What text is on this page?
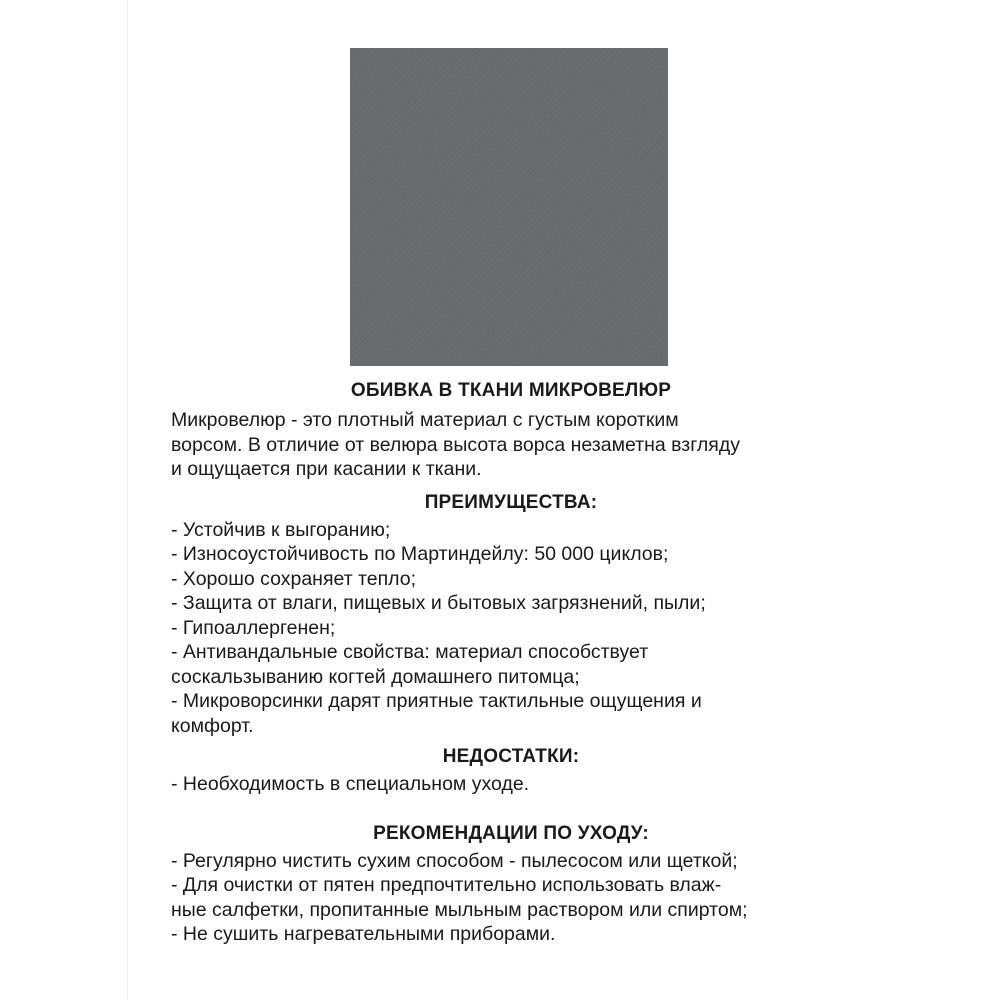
ОБИВКА В ТКАНИ МИКРОВЕЛЮР

Микровелюр - это плотный материал с густым коротким
ворсом. В отличие от велюра высота ворса незаметна взгляду
и ощущается при касании к ткани.

ПРЕИМУЩЕСТВА:
- Устойчив к выгоранию;
- Износоустойчивость по Мартиндейлу: 50 000 циклов;
- Хорошо сохраняет тепло;
- Защита от влаги, пищевых и бытовых загрязнений, пыли;
- Гипоаллергенен;
- Антивандальные свойства: материал способствует
соскальзыванию когтей домашнего питомца;
- Микроворсинки дарят приятные тактильные ощущения и
комфорт.
НЕДОСТАТКИ:
- Необходимость в специальном уходе.
РЕКОМЕНДАЦИИ ПО УХОДУ:
- Регулярно чистить сухим способом - пылесосом или щеткой;
- Для очистки от пятен предпочтительно использовать влаж-
ные салфетки, пропитанные мыльным раствором или спиртом;
- Не сушить нагревательными приборами.
